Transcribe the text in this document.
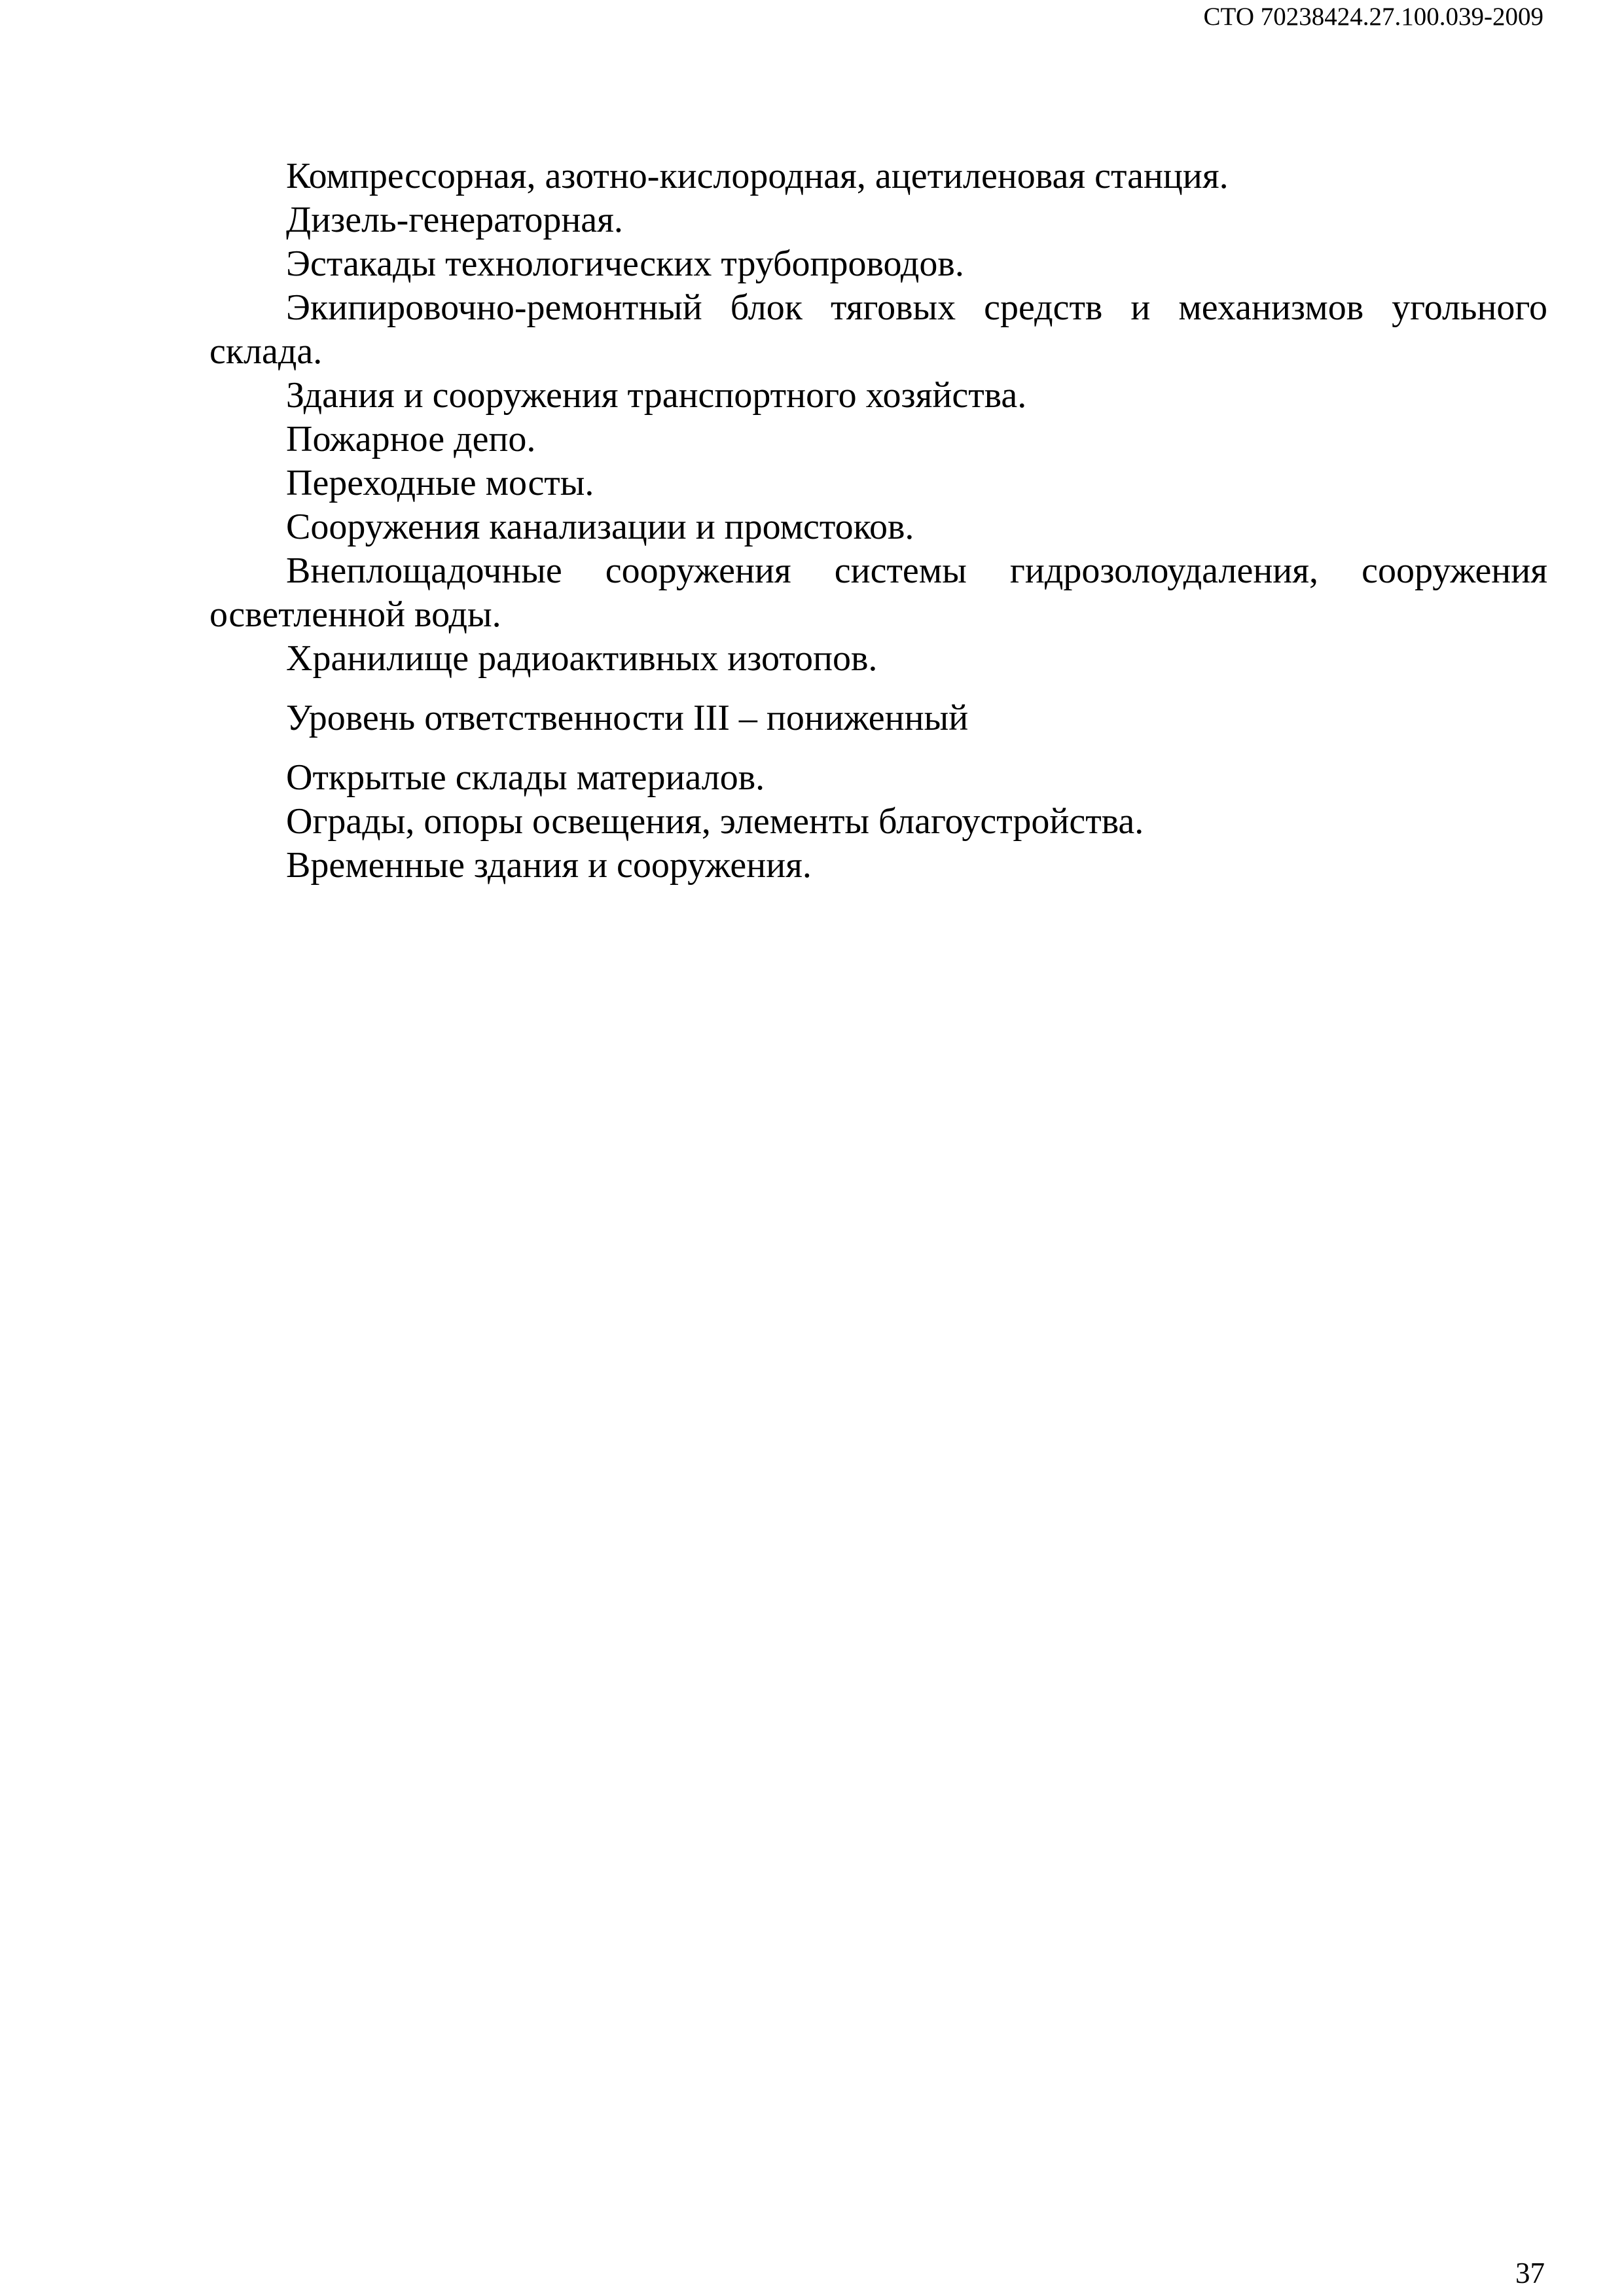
СТО 70238424.27.100.039-2009

Компрессорная, азотно-кислородная, ацетиленовая станция.

Дизель-генераторная.

Эстакады технологических трубопроводов.

Экипировочно-ремонтный блок тяговых средств и механизмов угольного склада.

Здания и сооружения транспортного хозяйства.

Пожарное депо.

Переходные мосты.

Сооружения канализации и промстоков.

Внеплощадочные сооружения системы гидрозолоудаления, сооружения осветленной воды.

Хранилище радиоактивных изотопов.

Уровень ответственности III – пониженный

Открытые склады материалов.

Ограды, опоры освещения, элементы благоустройства.

Временные здания и сооружения.

37
